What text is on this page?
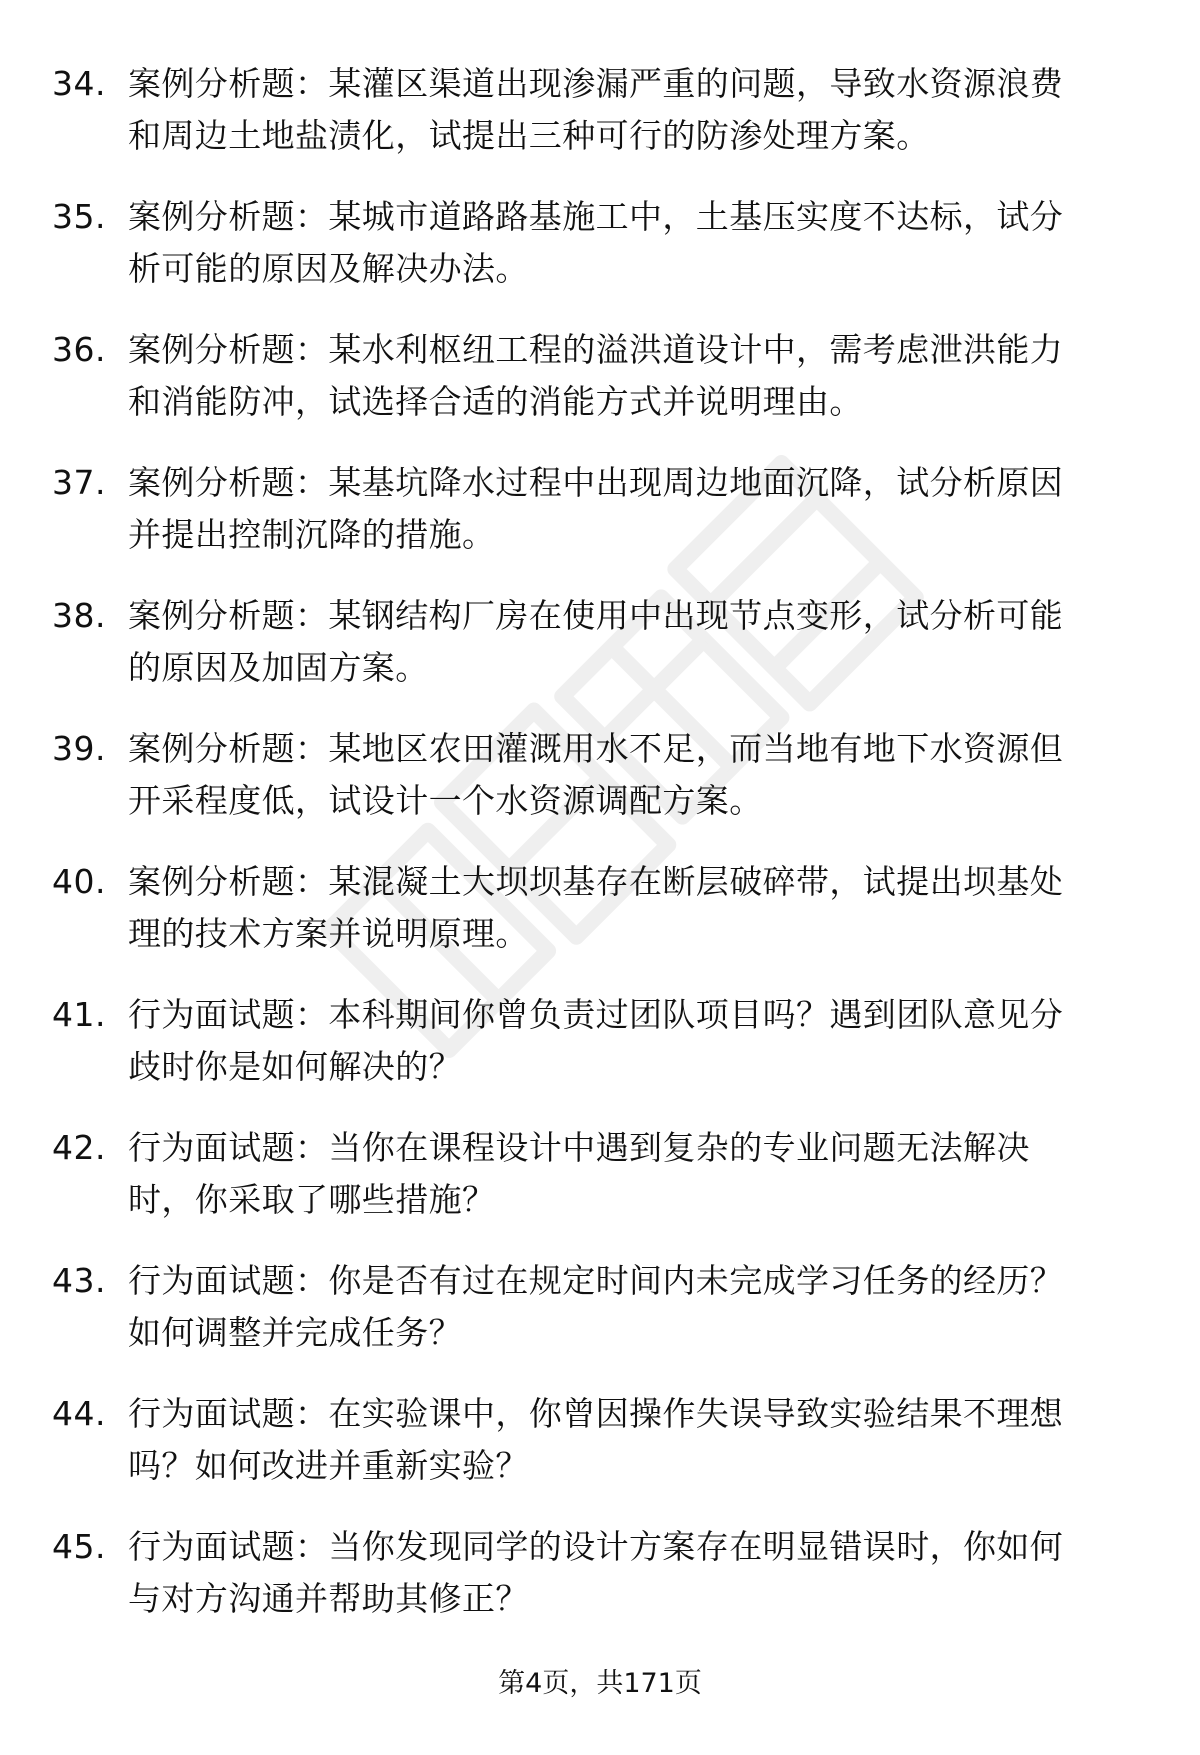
34. 案例分析题：某灌区渠道出现渗漏严重的问题，导致水资源浪费
和周边土地盐渍化，试提出三种可行的防渗处理方案。
35. 案例分析题：某城市道路路基施工中，土基压实度不达标，试分
析可能的原因及解决办法。
36. 案例分析题：某水利枢纽工程的溢洪道设计中，需考虑泄洪能力
和消能防冲，试选择合适的消能方式并说明理由。
37. 案例分析题：某基坑降水过程中出现周边地面沉降，试分析原因
并提出控制沉降的措施。
38. 案例分析题：某钢结构厂房在使用中出现节点变形，试分析可能
的原因及加固方案。
39. 案例分析题：某地区农田灌溉用水不足，而当地有地下水资源但
开采程度低，试设计一个水资源调配方案。
40. 案例分析题：某混凝土大坝坝基存在断层破碎带，试提出坝基处
理的技术方案并说明原理。
41. 行为面试题：本科期间你曾负责过团队项目吗？遇到团队意见分
歧时你是如何解决的？
42. 行为面试题：当你在课程设计中遇到复杂的专业问题无法解决
时，你采取了哪些措施？
43. 行为面试题：你是否有过在规定时间内未完成学习任务的经历？
如何调整并完成任务？
44. 行为面试题：在实验课中，你曾因操作失误导致实验结果不理想
吗？如何改进并重新实验？
45. 行为面试题：当你发现同学的设计方案存在明显错误时，你如何
与对方沟通并帮助其修正？
第4页，共171页
